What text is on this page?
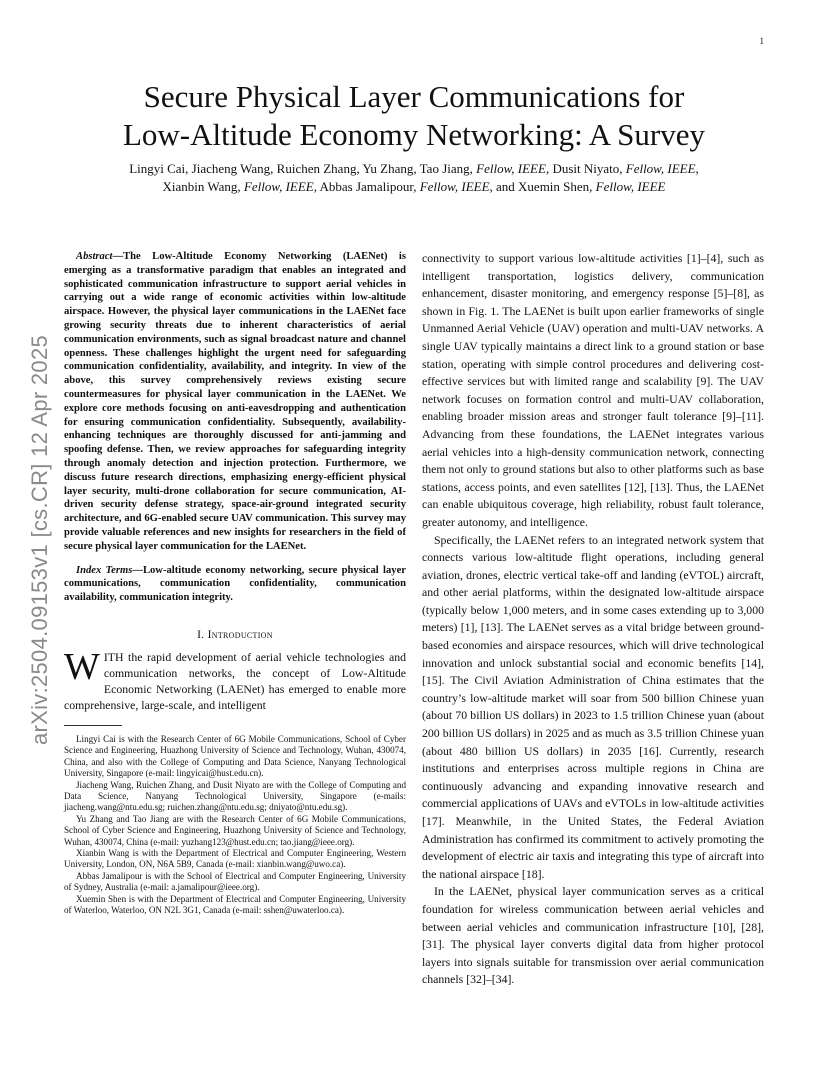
1
arXiv:2504.09153v1 [cs.CR] 12 Apr 2025
Secure Physical Layer Communications for
Low-Altitude Economy Networking: A Survey
Lingyi Cai, Jiacheng Wang, Ruichen Zhang, Yu Zhang, Tao Jiang, Fellow, IEEE, Dusit Niyato, Fellow, IEEE,
Xianbin Wang, Fellow, IEEE, Abbas Jamalipour, Fellow, IEEE, and Xuemin Shen, Fellow, IEEE

Abstract—The Low-Altitude Economy Networking (LAENet) is emerging as a transformative paradigm that enables an integrated and sophisticated communication infrastructure to support aerial vehicles in carrying out a wide range of economic activities within low-altitude airspace. However, the physical layer communications in the LAENet face growing security threats due to inherent characteristics of aerial communication environments, such as signal broadcast nature and channel openness. These challenges highlight the urgent need for safeguarding communication confidentiality, availability, and integrity. In view of the above, this survey comprehensively reviews existing secure countermeasures for physical layer communication in the LAENet. We explore core methods focusing on anti-eavesdropping and authentication for ensuring communication confidentiality. Subsequently, availability-enhancing techniques are thoroughly discussed for anti-jamming and spoofing defense. Then, we review approaches for safeguarding integrity through anomaly detection and injection protection. Furthermore, we discuss future research directions, emphasizing energy-efficient physical layer security, multi-drone collaboration for secure communication, AI-driven security defense strategy, space-air-ground integrated security architecture, and 6G-enabled secure UAV communication. This survey may provide valuable references and new insights for researchers in the field of secure physical layer communication for the LAENet.

Index Terms—Low-altitude economy networking, secure physical layer communications, communication confidentiality, communication availability, communication integrity.

I. Introduction

WITH the rapid development of aerial vehicle technologies and communication networks, the concept of Low-Altitude Economic Networking (LAENet) has emerged to enable more comprehensive, large-scale, and intelligent

Lingyi Cai is with the Research Center of 6G Mobile Communications, School of Cyber Science and Engineering, Huazhong University of Science and Technology, Wuhan, 430074, China, and also with the College of Computing and Data Science, Nanyang Technological University, Singapore (e-mail: lingyicai@hust.edu.cn).

Jiacheng Wang, Ruichen Zhang, and Dusit Niyato are with the College of Computing and Data Science, Nanyang Technological University, Singapore (e-mails: jiacheng.wang@ntu.edu.sg; ruichen.zhang@ntu.edu.sg; dniyato@ntu.edu.sg).

Yu Zhang and Tao Jiang are with the Research Center of 6G Mobile Communications, School of Cyber Science and Engineering, Huazhong University of Science and Technology, Wuhan, 430074, China (e-mail: yuzhang123@hust.edu.cn; tao.jiang@ieee.org).

Xianbin Wang is with the Department of Electrical and Computer Engineering, Western University, London, ON, N6A 5B9, Canada (e-mail: xianbin.wang@uwo.ca).

Abbas Jamalipour is with the School of Electrical and Computer Engineering, University of Sydney, Australia (e-mail: a.jamalipour@ieee.org).

Xuemin Shen is with the Department of Electrical and Computer Engineering, University of Waterloo, Waterloo, ON N2L 3G1, Canada (e-mail: sshen@uwaterloo.ca).

connectivity to support various low-altitude activities [1]–[4], such as intelligent transportation, logistics delivery, communication enhancement, disaster monitoring, and emergency response [5]–[8], as shown in Fig. 1. The LAENet is built upon earlier frameworks of single Unmanned Aerial Vehicle (UAV) operation and multi-UAV networks. A single UAV typically maintains a direct link to a ground station or base station, operating with simple control procedures and delivering cost-effective services but with limited range and scalability [9]. The UAV network focuses on formation control and multi-UAV collaboration, enabling broader mission areas and stronger fault tolerance [9]–[11]. Advancing from these foundations, the LAENet integrates various aerial vehicles into a high-density communication network, connecting them not only to ground stations but also to other platforms such as base stations, access points, and even satellites [12], [13]. Thus, the LAENet can enable ubiquitous coverage, high reliability, robust fault tolerance, greater autonomy, and intelligence.

Specifically, the LAENet refers to an integrated network system that connects various low-altitude flight operations, including general aviation, drones, electric vertical take-off and landing (eVTOL) aircraft, and other aerial platforms, within the designated low-altitude airspace (typically below 1,000 meters, and in some cases extending up to 3,000 meters) [1], [13]. The LAENet serves as a vital bridge between ground-based economies and airspace resources, which will drive technological innovation and unlock substantial social and economic benefits [14], [15]. The Civil Aviation Administration of China estimates that the country’s low-altitude market will soar from 500 billion Chinese yuan (about 70 billion US dollars) in 2023 to 1.5 trillion Chinese yuan (about 200 billion US dollars) in 2025 and as much as 3.5 trillion Chinese yuan (about 480 billion US dollars) in 2035 [16]. Currently, research institutions and enterprises across multiple regions in China are continuously advancing and expanding innovative research and commercial applications of UAVs and eVTOLs in low-altitude activities [17]. Meanwhile, in the United States, the Federal Aviation Administration has confirmed its commitment to actively promoting the development of electric air taxis and integrating this type of aircraft into the national airspace [18].

In the LAENet, physical layer communication serves as a critical foundation for wireless communication between aerial vehicles and between aerial vehicles and communication infrastructure [10], [28], [31]. The physical layer converts digital data from higher protocol layers into signals suitable for transmission over aerial communication channels [32]–[34].
